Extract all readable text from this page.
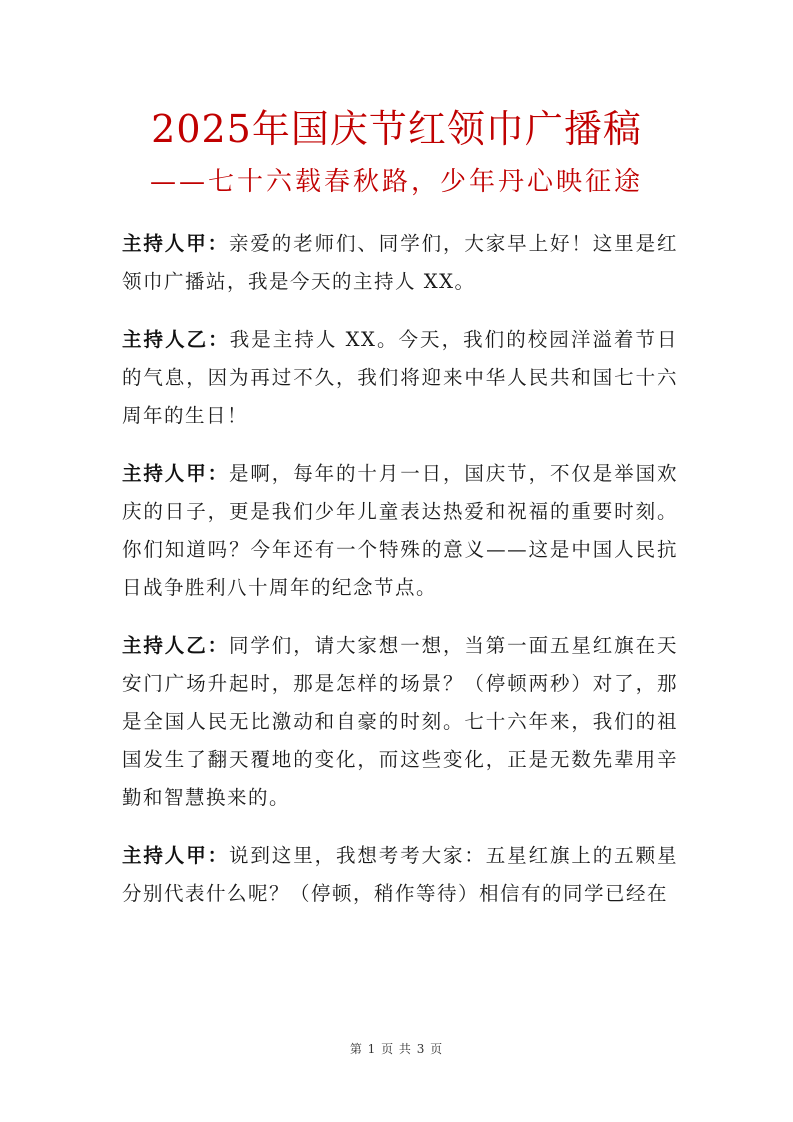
2025年国庆节红领巾广播稿
——七十六载春秋路，少年丹心映征途

主持人甲：亲爱的老师们、同学们，大家早上好！这里是红领巾广播站，我是今天的主持人 XX。

主持人乙：我是主持人 XX。今天，我们的校园洋溢着节日的气息，因为再过不久，我们将迎来中华人民共和国七十六周年的生日！

主持人甲：是啊，每年的十月一日，国庆节，不仅是举国欢庆的日子，更是我们少年儿童表达热爱和祝福的重要时刻。你们知道吗？今年还有一个特殊的意义——这是中国人民抗日战争胜利八十周年的纪念节点。

主持人乙：同学们，请大家想一想，当第一面五星红旗在天安门广场升起时，那是怎样的场景？（停顿两秒）对了，那是全国人民无比激动和自豪的时刻。七十六年来，我们的祖国发生了翻天覆地的变化，而这些变化，正是无数先辈用辛勤和智慧换来的。

主持人甲：说到这里，我想考考大家：五星红旗上的五颗星分别代表什么呢？（停顿，稍作等待）相信有的同学已经在

第 1 页 共 3 页
